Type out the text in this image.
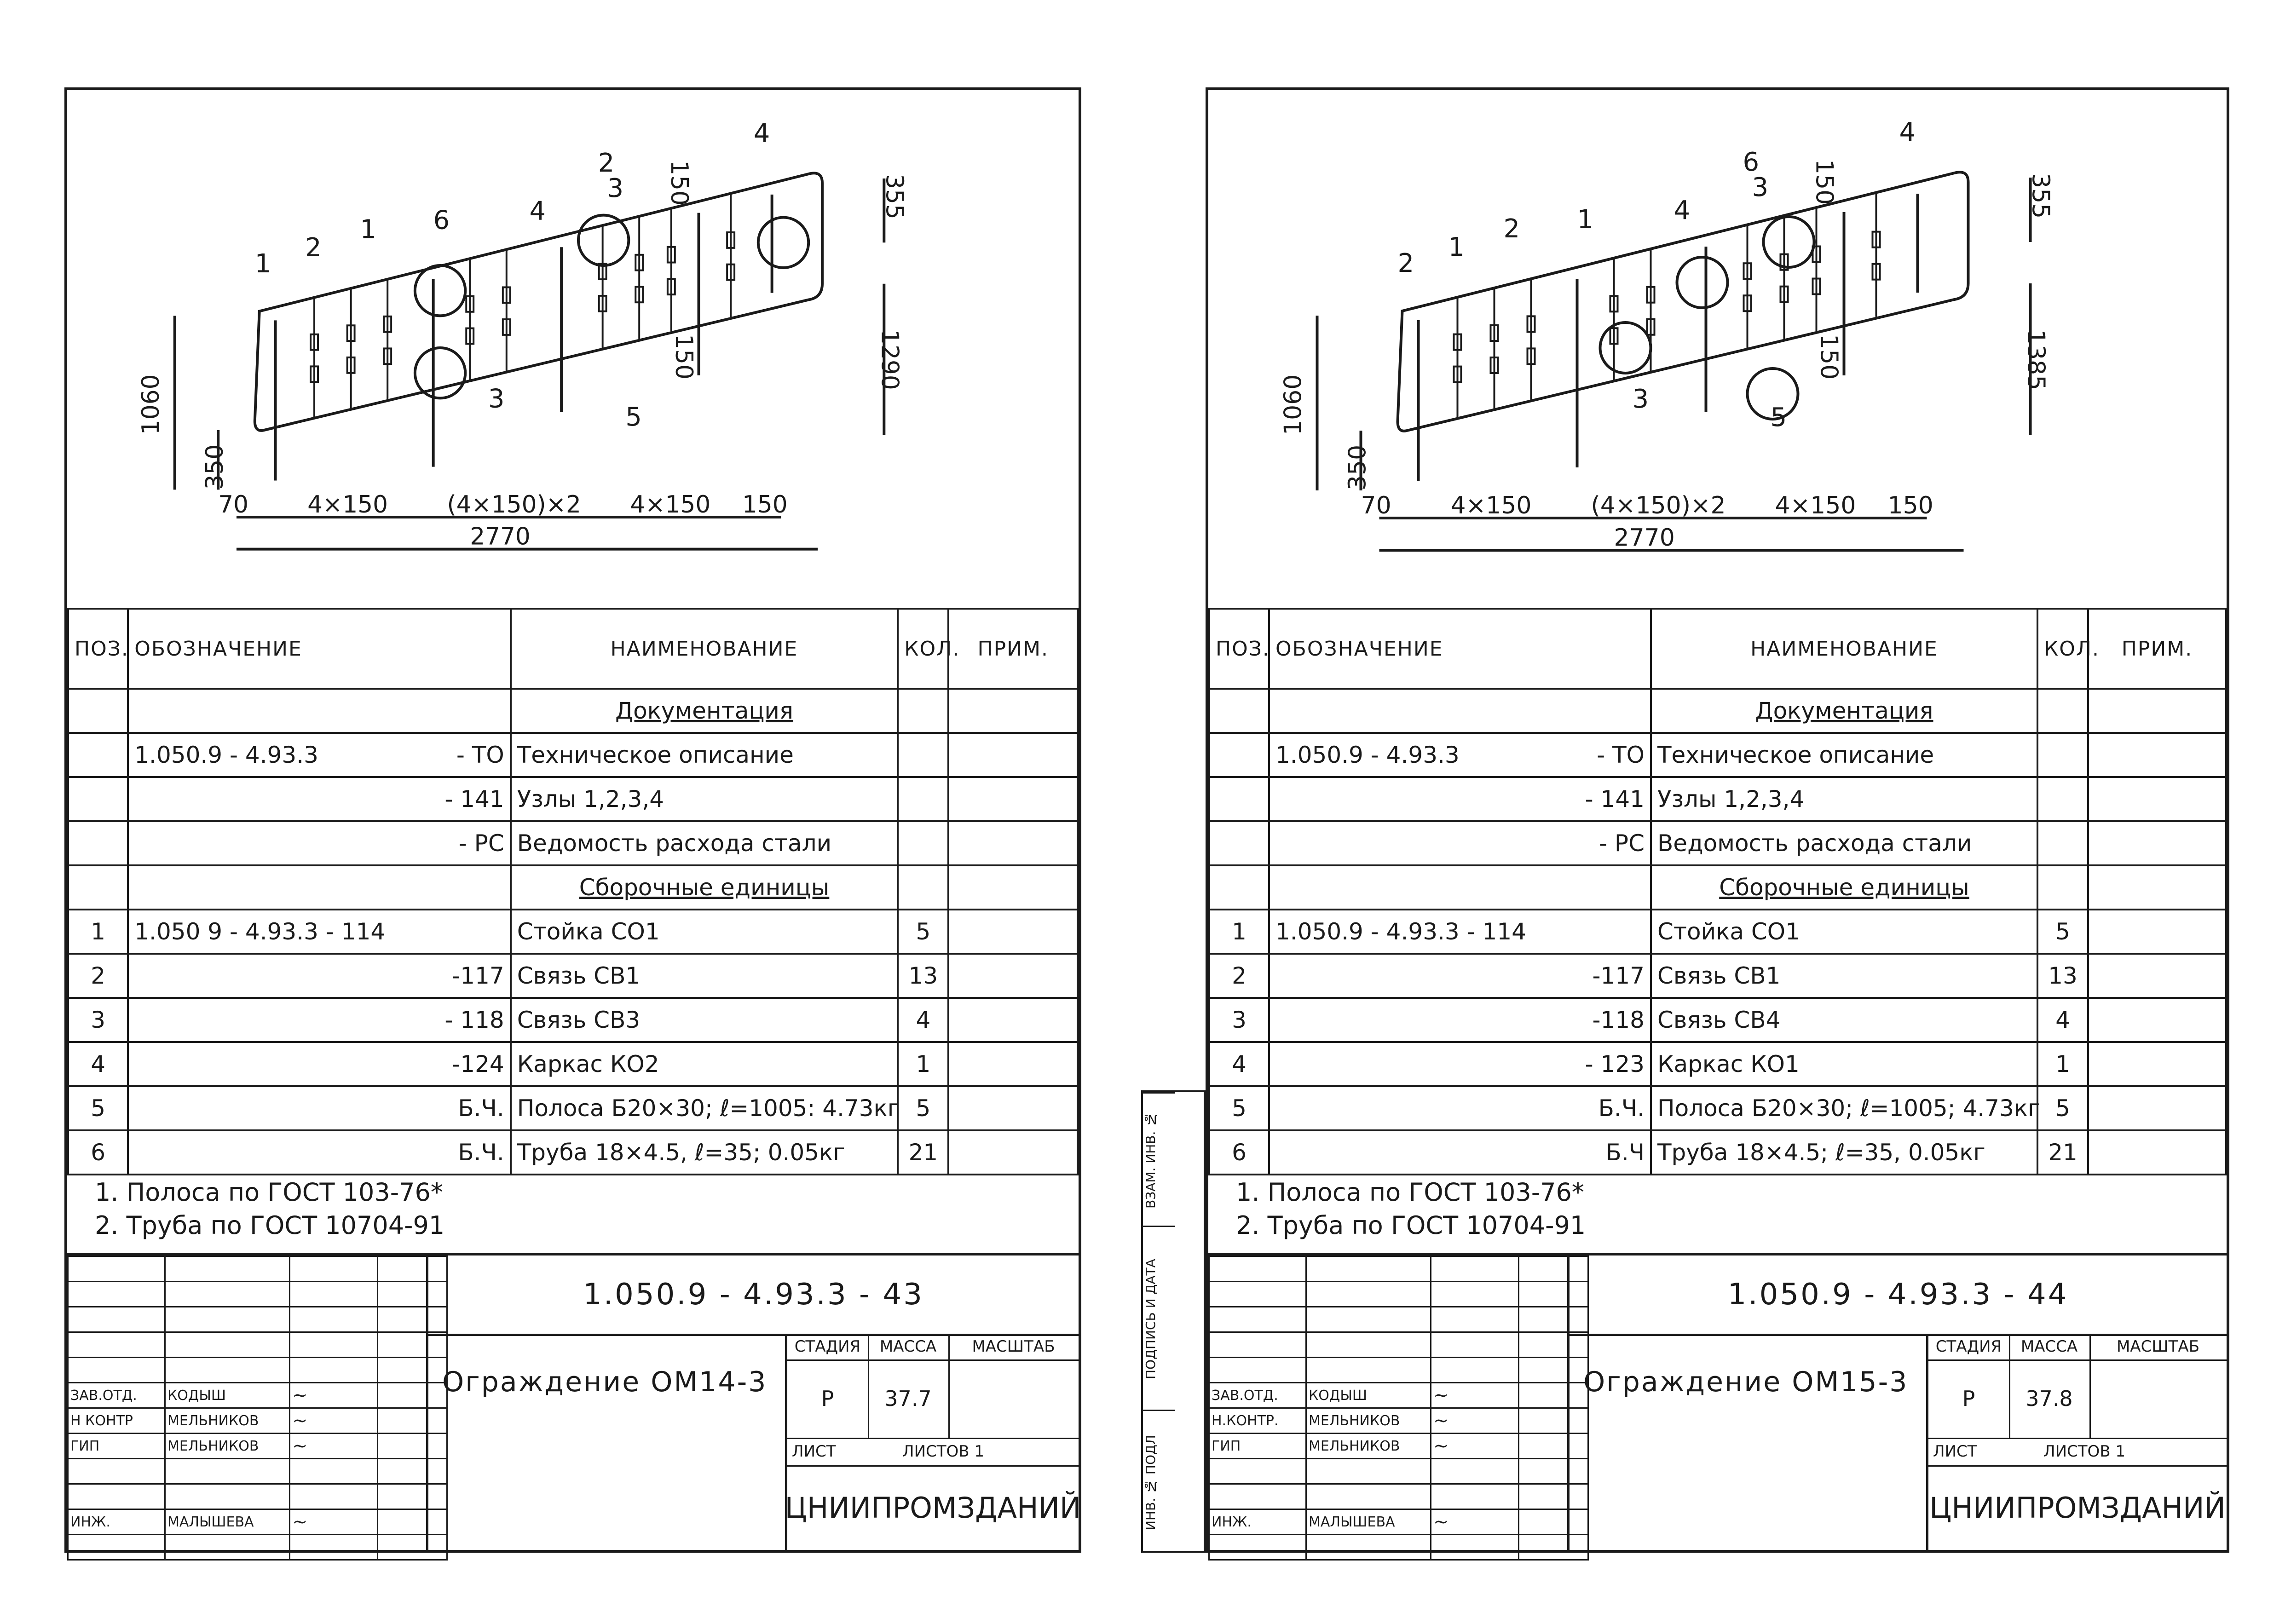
1060
350
1290
355
150
150
70 4×150 (4×150)×2 4×150 150
2770
1
2
1 6
4
2
4
3
3
5
ПОЗ.	ОБОЗНАЧЕНИЕ	НАИМЕНОВАНИЕ	КОЛ.	ПРИМ.
		Документация		
	1.050.9 - 4.93.3 - ТО	Техническое описание		

	- 141	Узлы 1,2,3,4		

	- РС	Ведомость расхода стали		
		Сборочные единицы		
1	1.050 9 - 4.93.3 - 114	Стойка СО1	5	
2	-117	Связь СВ1	13	
3	- 118	Связь СВ3	4	
4	-124	Каркас КО2	1	
5	Б.Ч.	Полоса Б20×30; ℓ=1005: 4.73кг	5	
6	Б.Ч.	Труба 18×4.5, ℓ=35; 0.05кг	21	
1. Полоса по ГОСТ 103-76*
2. Труба по ГОСТ 10704-91

ЗАВ.ОТД.	КОДЫШ	~	
Н КОНТР	МЕЛЬНИКОВ	~	
ГИП	МЕЛЬНИКОВ	~	

ИНЖ.	МАЛЫШЕВА	~	

1.050.9 - 4.93.3 - 43
Ограждение ОМ14-3
СТАДИЯ	МАССА	МАСШТАБ
Р	37.7
ЛИСТ	ЛИСТОВ 1
ЦНИИПРОМЗДАНИЙ
1060
350
1385
355
150
150
70 4×150 (4×150)×2 4×150 150
2770
2
1
2 1
4
6
4
3
3
5
ПОЗ.	ОБОЗНАЧЕНИЕ	НАИМЕНОВАНИЕ	КОЛ.	ПРИМ.
		Документация		
	1.050.9 - 4.93.3 - ТО	Техническое описание		

	- 141	Узлы 1,2,3,4		

	- РС	Ведомость расхода стали		
		Сборочные единицы		
1	1.050.9 - 4.93.3 - 114	Стойка СО1	5	
2	-117	Связь СВ1	13	
3	-118	Связь СВ4	4	
4	- 123	Каркас КО1	1	
5	Б.Ч.	Полоса Б20×30; ℓ=1005; 4.73кг	5	
6	Б.Ч	Труба 18×4.5; ℓ=35, 0.05кг	21	
1. Полоса по ГОСТ 103-76*
2. Труба по ГОСТ 10704-91

ЗАВ.ОТД.	КОДЫШ	~	
Н.КОНТР.	МЕЛЬНИКОВ	~	
ГИП	МЕЛЬНИКОВ	~	

ИНЖ.	МАЛЫШЕВА	~	

1.050.9 - 4.93.3 - 44
Ограждение ОМ15-3
СТАДИЯ	МАССА	МАСШТАБ
Р	37.8
ЛИСТ	ЛИСТОВ 1
ЦНИИПРОМЗДАНИЙ
ВЗАМ. ИНВ. №
ПОДПИСЬ И ДАТА
ИНВ. № ПОДЛ
